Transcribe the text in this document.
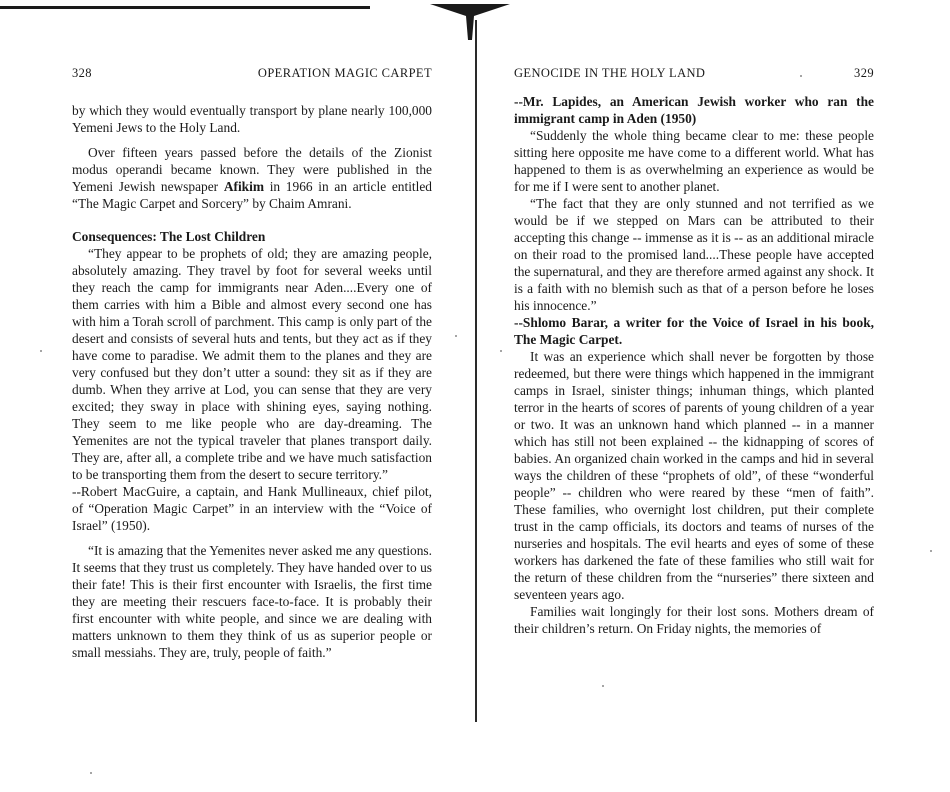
328	OPERATION MAGIC CARPET

by which they would eventually transport by plane nearly 100,000 Yemeni Jews to the Holy Land.

Over fifteen years passed before the details of the Zionist modus operandi became known. They were published in the Yemeni Jewish newspaper Afikim in 1966 in an article entitled “The Magic Carpet and Sorcery” by Chaim Amrani.

Consequences: The Lost Children

“They appear to be prophets of old; they are amazing people, absolutely amazing. They travel by foot for several weeks until they reach the camp for immigrants near Aden....Every one of them carries with him a Bible and almost every second one has with him a Torah scroll of parchment. This camp is only part of the desert and consists of several huts and tents, but they act as if they have come to paradise. We admit them to the planes and they are very confused but they don’t utter a sound: they sit as if they are dumb. When they arrive at Lod, you can sense that they are very excited; they sway in place with shining eyes, saying nothing. They seem to me like people who are day-dreaming. The Yemenites are not the typical traveler that planes transport daily. They are, after all, a complete tribe and we have much satisfaction to be transporting them from the desert to secure territory.”

--Robert MacGuire, a captain, and Hank Mullineaux, chief pilot, of “Operation Magic Carpet” in an interview with the “Voice of Israel” (1950).

“It is amazing that the Yemenites never asked me any questions. It seems that they trust us completely. They have handed over to us their fate! This is their first encounter with Israelis, the first time they are meeting their rescuers face-to-face. It is probably their first encounter with white people, and since we are dealing with matters unknown to them they think of us as superior people or small messiahs. They are, truly, people of faith.”

GENOCIDE IN THE HOLY LAND	329

--Mr. Lapides, an American Jewish worker who ran the immigrant camp in Aden (1950)

“Suddenly the whole thing became clear to me: these people sitting here opposite me have come to a different world. What has happened to them is as overwhelming an experience as would be for me if I were sent to another planet.

“The fact that they are only stunned and not terrified as we would be if we stepped on Mars can be attributed to their accepting this change -- immense as it is -- as an additional miracle on their road to the promised land....These people have accepted the supernatural, and they are therefore armed against any shock. It is a faith with no blemish such as that of a person before he loses his innocence.”

--Shlomo Barar, a writer for the Voice of Israel in his book, The Magic Carpet.

It was an experience which shall never be forgotten by those redeemed, but there were things which happened in the immigrant camps in Israel, sinister things; inhuman things, which planted terror in the hearts of scores of parents of young children of a year or two. It was an unknown hand which planned -- in a manner which has still not been explained -- the kidnapping of scores of babies. An organized chain worked in the camps and hid in several ways the children of these “prophets of old”, of these “wonderful people” -- children who were reared by these “men of faith”. These families, who overnight lost children, put their complete trust in the camp officials, its doctors and teams of nurses of the nurseries and hospitals. The evil hearts and eyes of some of these workers has darkened the fate of these families who still wait for the return of these children from the “nurseries” there sixteen and seventeen years ago.

Families wait longingly for their lost sons. Mothers dream of their children’s return. On Friday nights, the memories of
